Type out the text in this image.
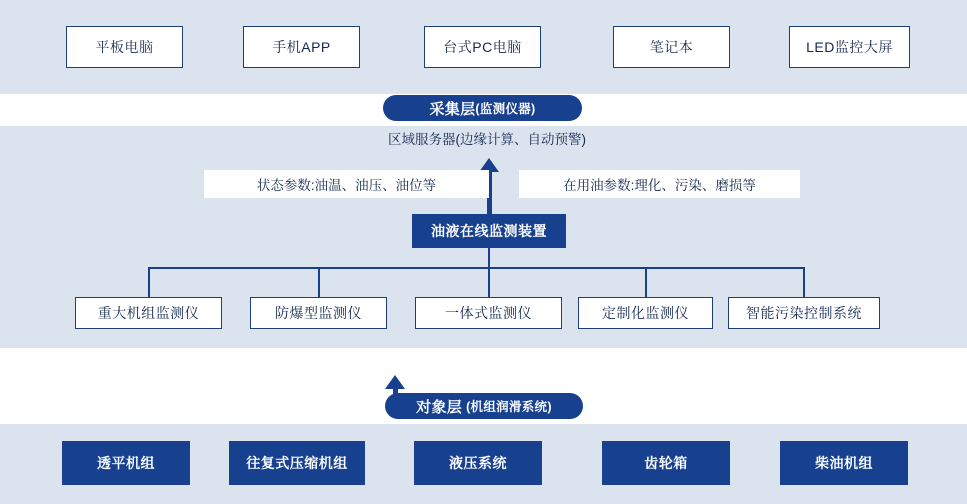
平板电脑	手机APP	台式PC电脑	笔记本	LED监控大屏
采集层 (监测仪器)
区域服务器(边缘计算、自动预警)
状态参数:油温、油压、油位等	在用油参数:理化、污染、磨损等
油液在线监测装置
重大机组监测仪	防爆型监测仪	一体式监测仪	定制化监测仪	智能污染控制系统
对象层 (机组润滑系统)
透平机组	往复式压缩机组	液压系统	齿轮箱	柴油机组
